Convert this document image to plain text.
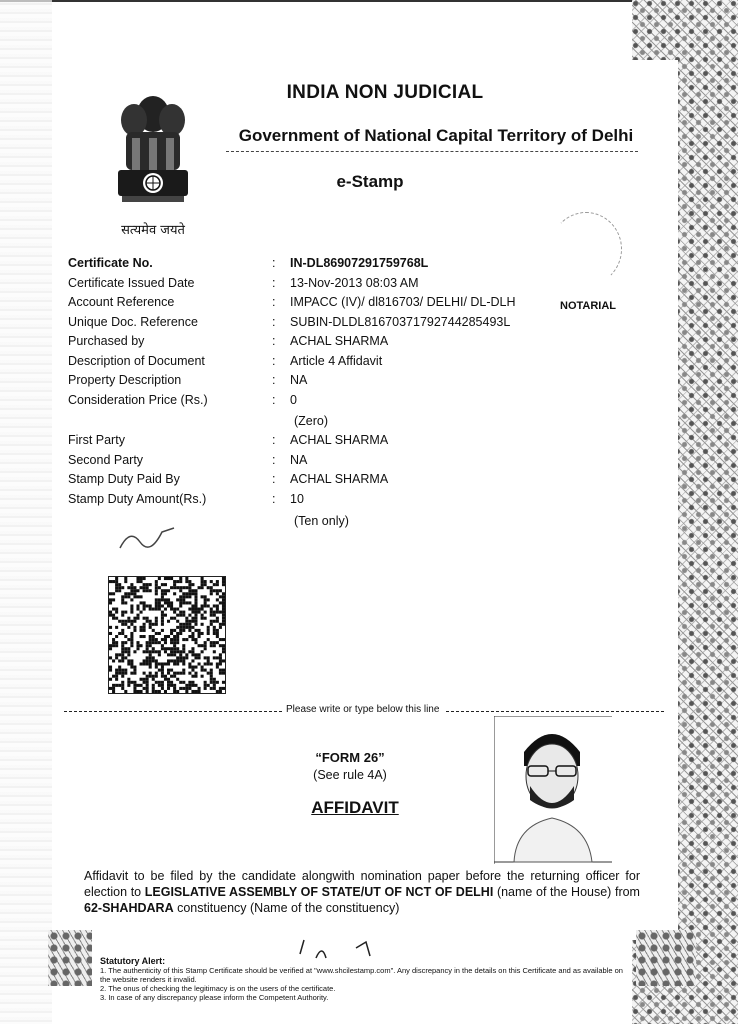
सत्यमेव जयते
INDIA NON JUDICIAL
Government of National Capital Territory of Delhi
e-Stamp
NOTARIAL
Certificate No.	: IN-DL86907291759768L
Certificate Issued Date	: 13-Nov-2013 08:03 AM
Account Reference	: IMPACC (IV)/ dl816703/ DELHI/ DL-DLH
Unique Doc. Reference	: SUBIN-DLDL81670371792744285493L
Purchased by	: ACHAL SHARMA
Description of Document	: Article 4 Affidavit
Property Description	: NA
Consideration Price (Rs.)	: 0
(Zero)
First Party	: ACHAL SHARMA
Second Party	: NA
Stamp Duty Paid By	: ACHAL SHARMA
Stamp Duty Amount(Rs.)	: 10
(Ten only)
Please write or type below this line
“FORM 26”
(See rule 4A)
AFFIDAVIT
Affidavit to be filed by the candidate alongwith nomination paper before the returning officer for election to LEGISLATIVE ASSEMBLY OF STATE/UT OF NCT OF DELHI (name of the House) from 62-SHAHDARA constituency (Name of the constituency)
Statutory Alert:
1. The authenticity of this Stamp Certificate should be verified at "www.shcilestamp.com". Any discrepancy in the details on this Certificate and as available on the website renders it invalid.
2. The onus of checking the legitimacy is on the users of the certificate.
3. In case of any discrepancy please inform the Competent Authority.
